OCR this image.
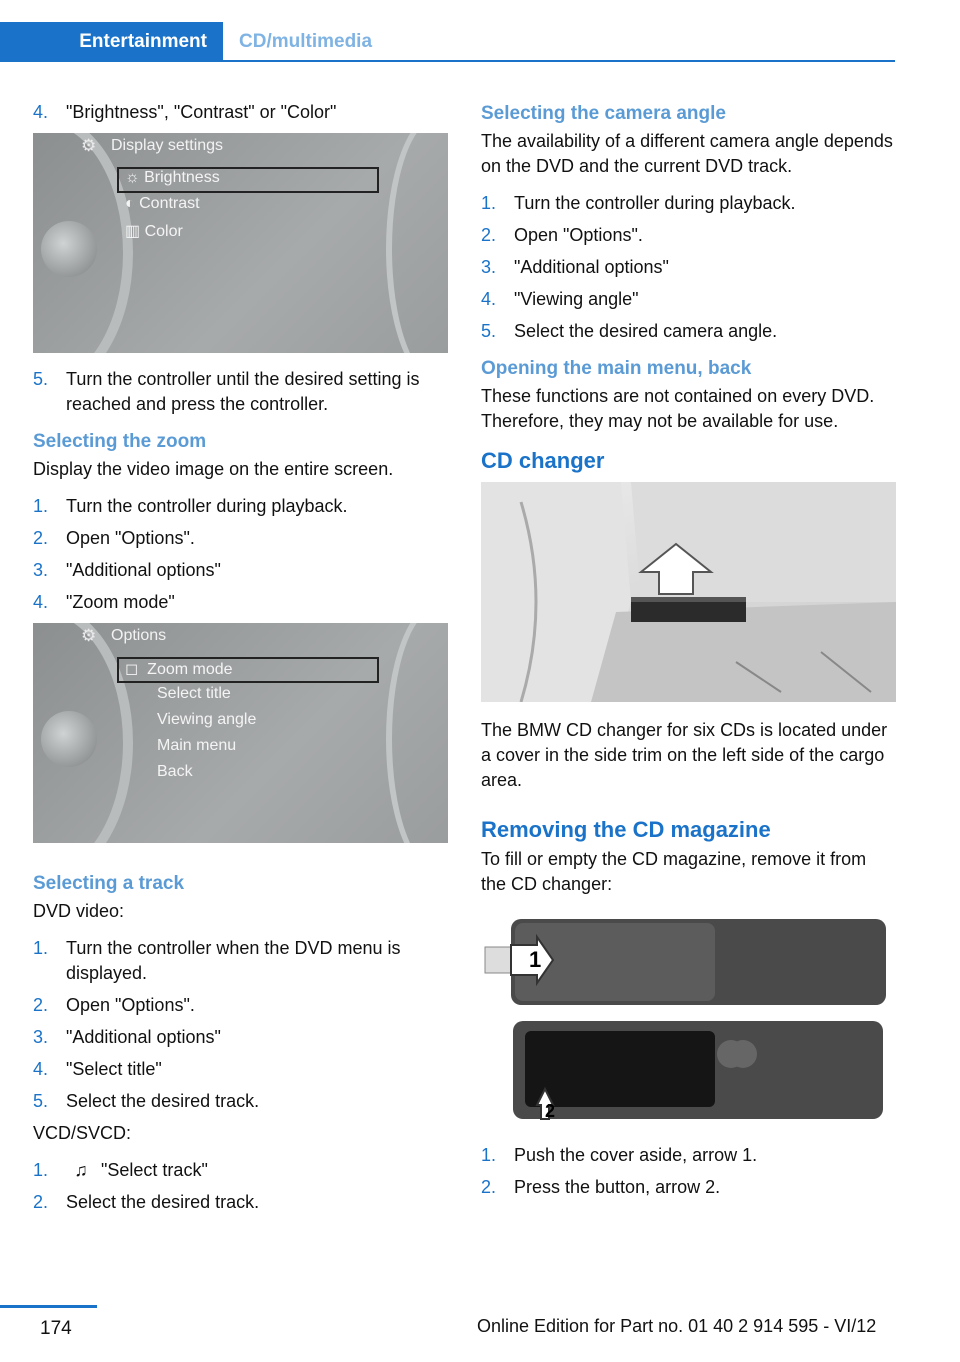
Entertainment	CD/multimedia
4. "Brightness", "Contrast" or "Color"
⚙ Display settings
☼ Brightness
◐ Contrast
▥ Color
5. Turn the controller until the desired setting is reached and press the controller.
Selecting the zoom

Display the video image on the entire screen.

1. Turn the controller during playback.
2. Open "Options".
3. "Additional options"
4. "Zoom mode"
⚙ Options
◻  Zoom mode
Select title
Viewing angle
Main menu
Back
Selecting a track

DVD video:

1. Turn the controller when the DVD menu is displayed.
2. Open "Options".
3. "Additional options"
4. "Select title"
5. Select the desired track.

VCD/SVCD:

1. ♫ "Select track"
2. Select the desired track.
Selecting the camera angle

The availability of a different camera angle depends on the DVD and the current DVD track.

1. Turn the controller during playback.
2. Open "Options".
3. "Additional options"
4. "Viewing angle"
5. Select the desired camera angle.
Opening the main menu, back

These functions are not contained on every DVD. Therefore, they may not be available for use.

CD changer

The BMW CD changer for six CDs is located under a cover in the side trim on the left side of the cargo area.

Removing the CD magazine

To fill or empty the CD magazine, remove it from the CD changer:

1
2
1. Push the cover aside, arrow 1.
2. Press the button, arrow 2.
174	Online Edition for Part no. 01 40 2 914 595 - VI/12
